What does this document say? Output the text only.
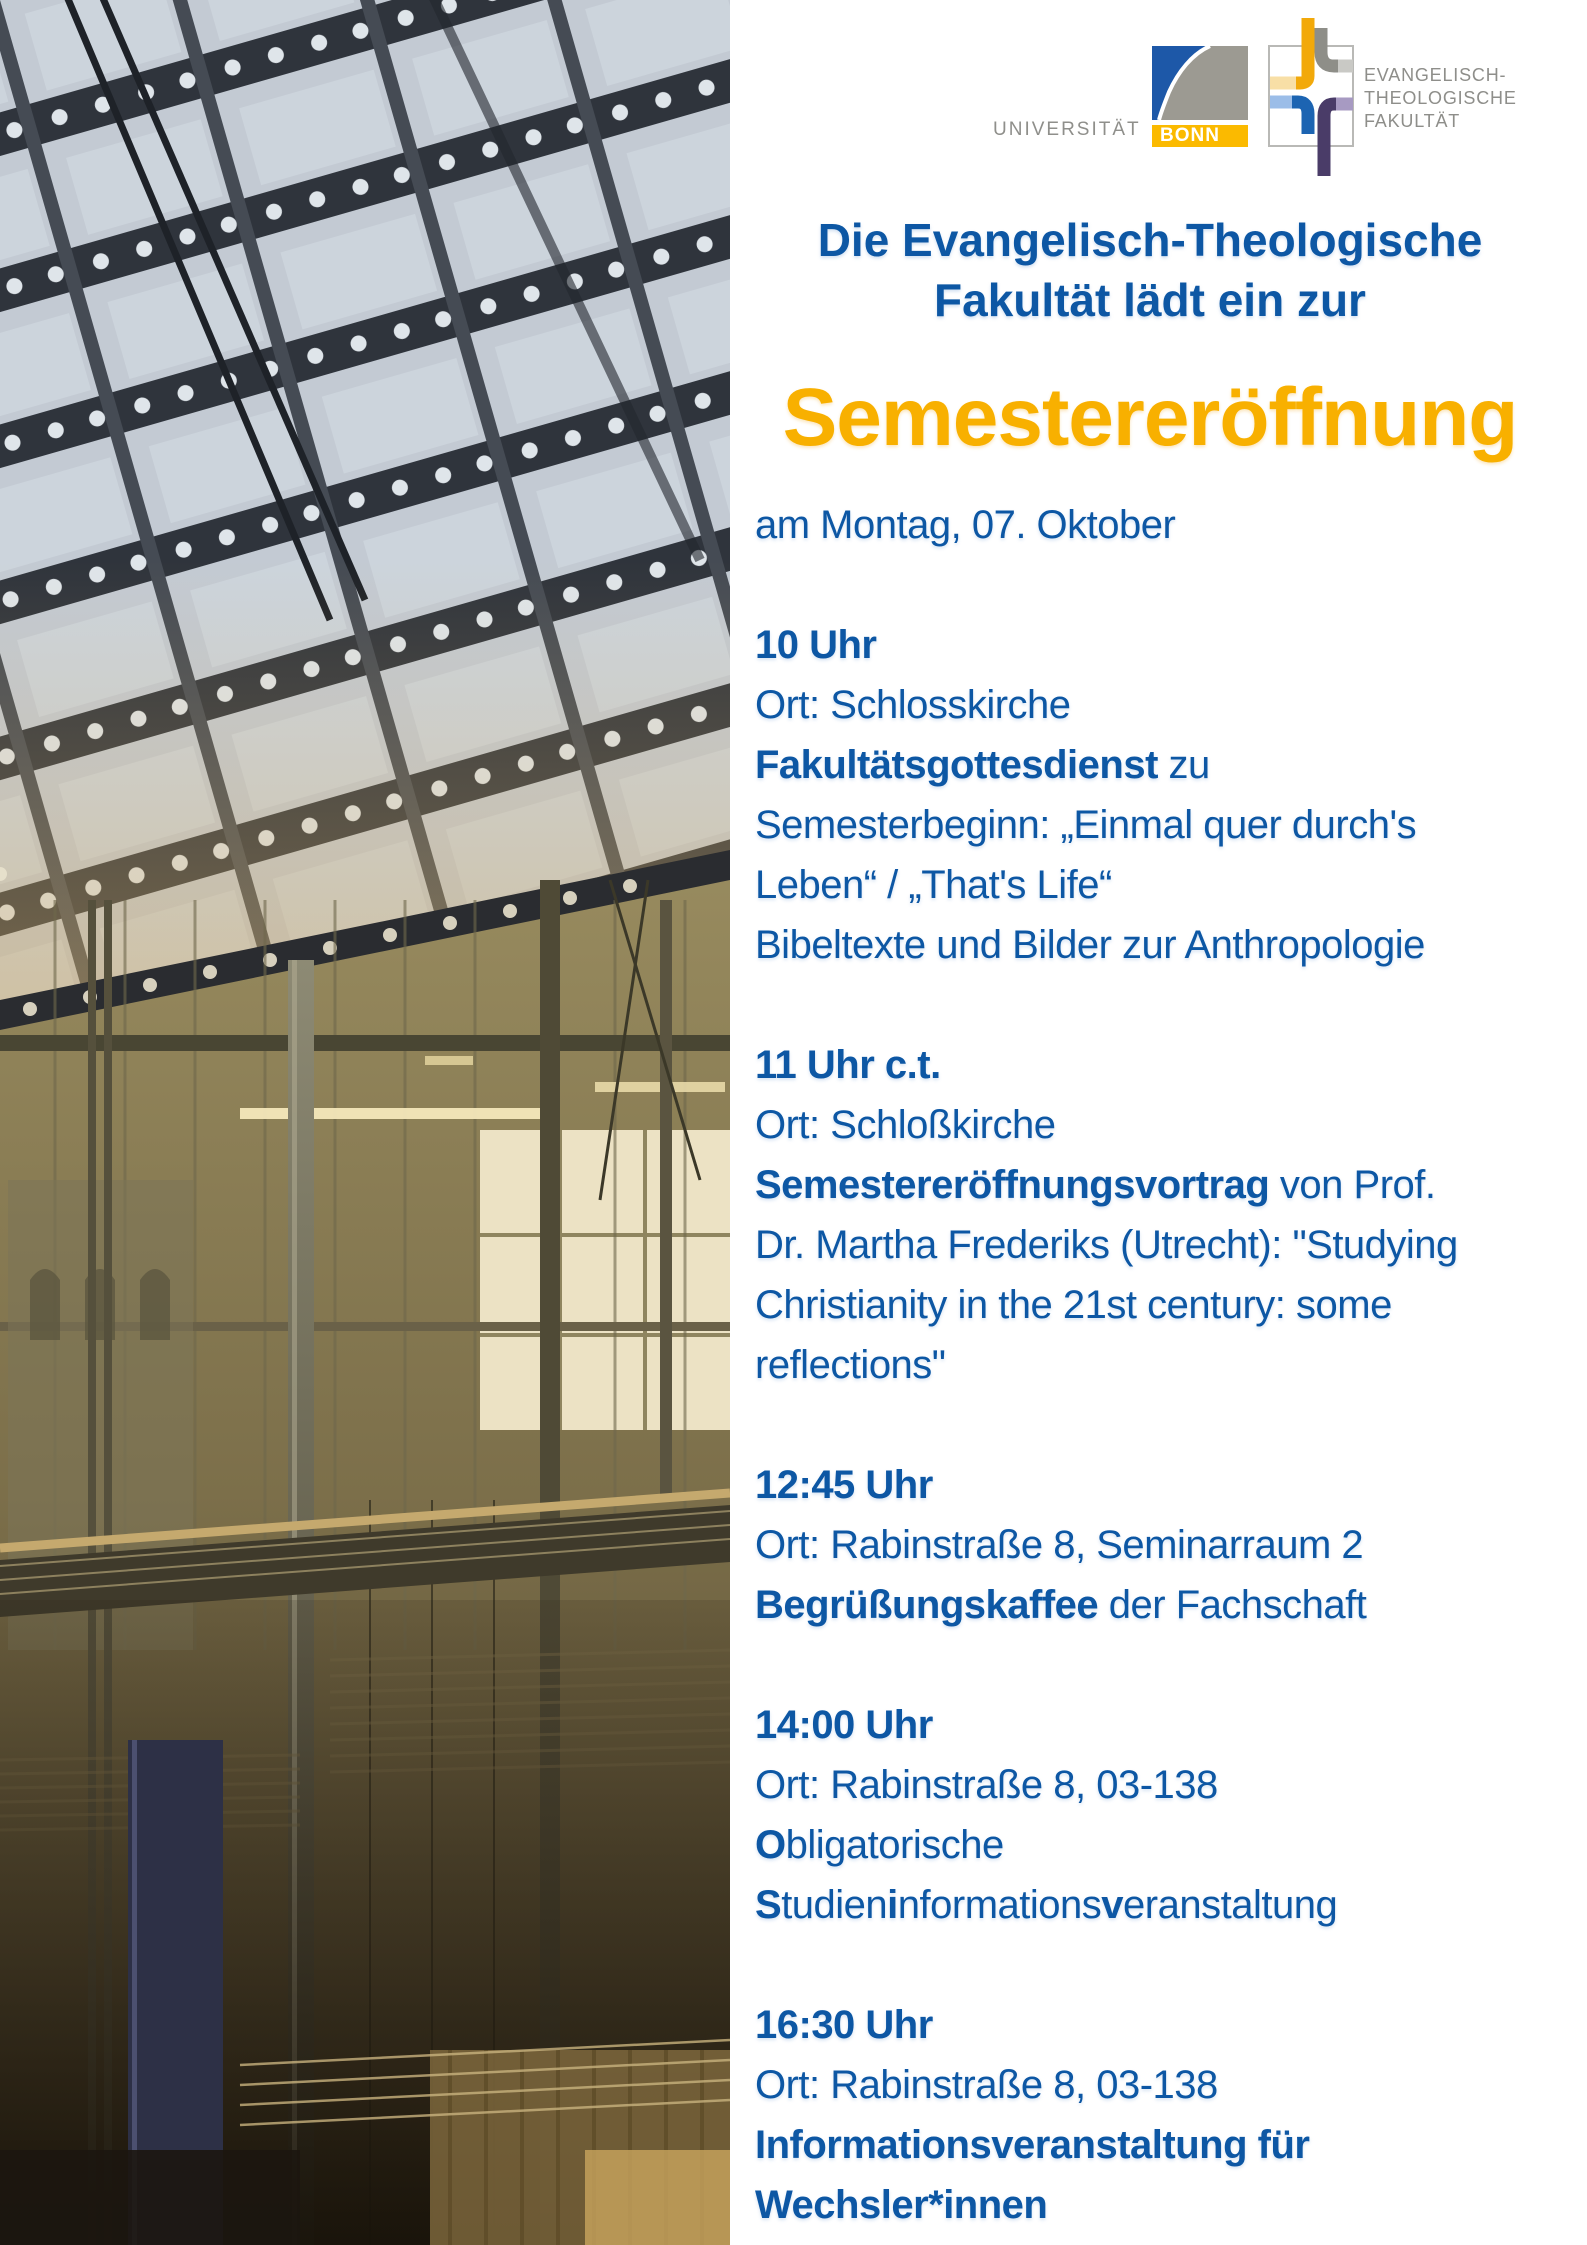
UNIVERSITÄT	BONN
EVANGELISCH-
THEOLOGISCHE
FAKULTÄT
Die Evangelisch-Theologische
Fakultät lädt ein zur
Semestereröffnung
am Montag, 07. Oktober
10 Uhr
Ort: Schlosskirche
Fakultätsgottesdienst zu
Semesterbeginn: „Einmal quer durch's
Leben“ / „That's Life“
Bibeltexte und Bilder zur Anthropologie
11 Uhr c.t.
Ort: Schloßkirche
Semestereröffnungsvortrag von Prof.
Dr. Martha Frederiks (Utrecht): "Studying
Christianity in the 21st century: some
reflections"
12:45 Uhr
Ort: Rabinstraße 8, Seminarraum 2
Begrüßungskaffee der Fachschaft
14:00 Uhr
Ort: Rabinstraße 8, 03-138
Obligatorische
Studieninformationsveranstaltung
16:30 Uhr
Ort: Rabinstraße 8, 03-138
Informationsveranstaltung für
Wechsler*innen
